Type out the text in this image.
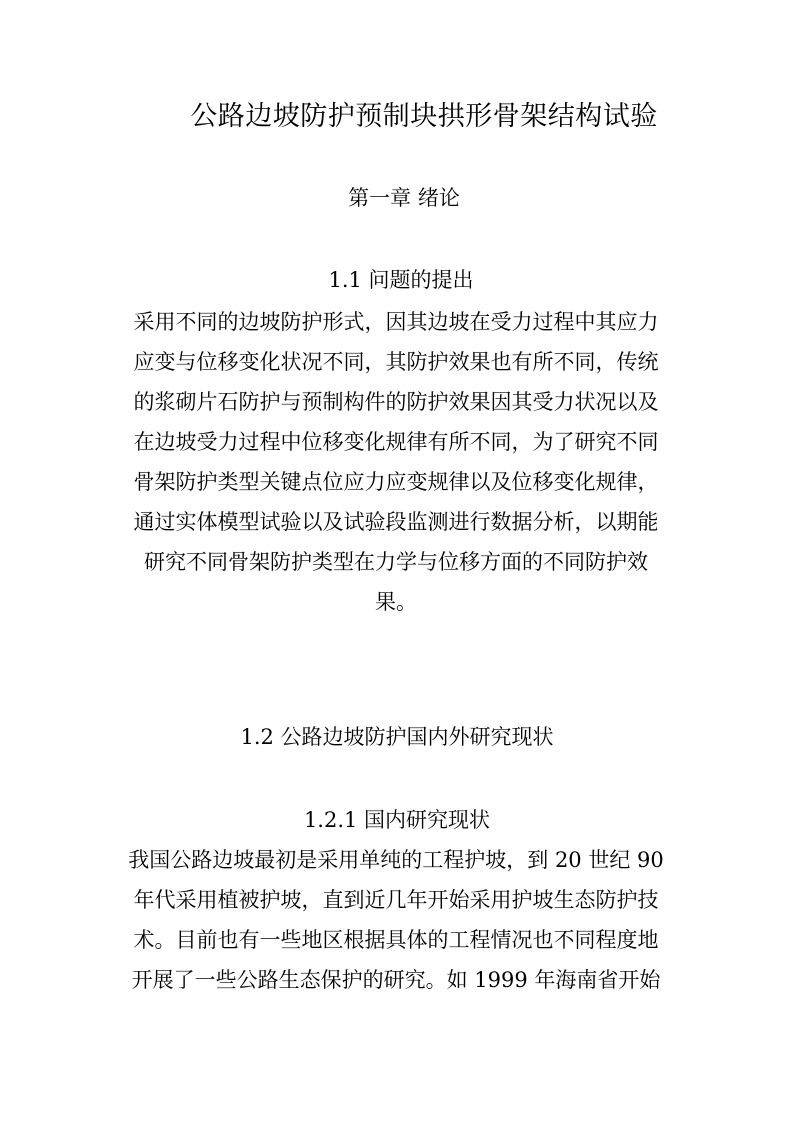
公路边坡防护预制块拱形骨架结构试验
第一章 绪论
1.1 问题的提出
采用不同的边坡防护形式，因其边坡在受力过程中其应力
应变与位移变化状况不同，其防护效果也有所不同，传统
的浆砌片石防护与预制构件的防护效果因其受力状况以及
在边坡受力过程中位移变化规律有所不同，为了研究不同
骨架防护类型关键点位应力应变规律以及位移变化规律，
通过实体模型试验以及试验段监测进行数据分析，以期能
研究不同骨架防护类型在力学与位移方面的不同防护效
果。
1.2 公路边坡防护国内外研究现状
1.2.1 国内研究现状
我国公路边坡最初是采用单纯的工程护坡，到 20 世纪 90
年代采用植被护坡，直到近几年开始采用护坡生态防护技
术。目前也有一些地区根据具体的工程情况也不同程度地
开展了一些公路生态保护的研究。如 1999 年海南省开始
